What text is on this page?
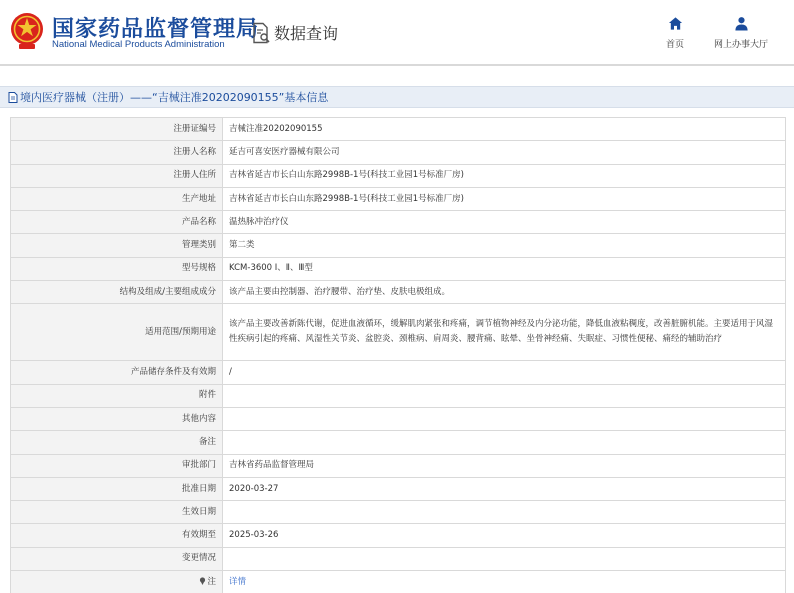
国家药品监督管理局
National Medical Products Administration
数据查询
首页	网上办事大厅
境内医疗器械（注册）——“吉械注准20202090155”基本信息
注册证编号	吉械注准20202090155
注册人名称	延吉可喜安医疗器械有限公司
注册人住所	吉林省延吉市长白山东路2998B-1号(科技工业园1号标准厂房)
生产地址	吉林省延吉市长白山东路2998B-1号(科技工业园1号标准厂房)
产品名称	温热脉冲治疗仪
管理类别	第二类
型号规格	KCM-3600 Ⅰ、Ⅱ、Ⅲ型
结构及组成/主要组成成分	该产品主要由控制器、治疗腰带、治疗垫、皮肤电极组成。
适用范围/预期用途	该产品主要改善新陈代谢，促进血液循环，缓解肌肉紧张和疼痛，调节植物神经及内分泌功能，降低血液粘稠度，改善脏腑机能。主要适用于风湿性疾病引起的疼痛、风湿性关节炎、盆腔炎、颈椎病、肩周炎、腰背痛、眩晕、坐骨神经痛、失眠症、习惯性便秘、痛经的辅助治疗
产品储存条件及有效期	/
附件	
其他内容	
备注	
审批部门	吉林省药品监督管理局
批准日期	2020-03-27
生效日期	
有效期至	2025-03-26
变更情况	
注	详情
